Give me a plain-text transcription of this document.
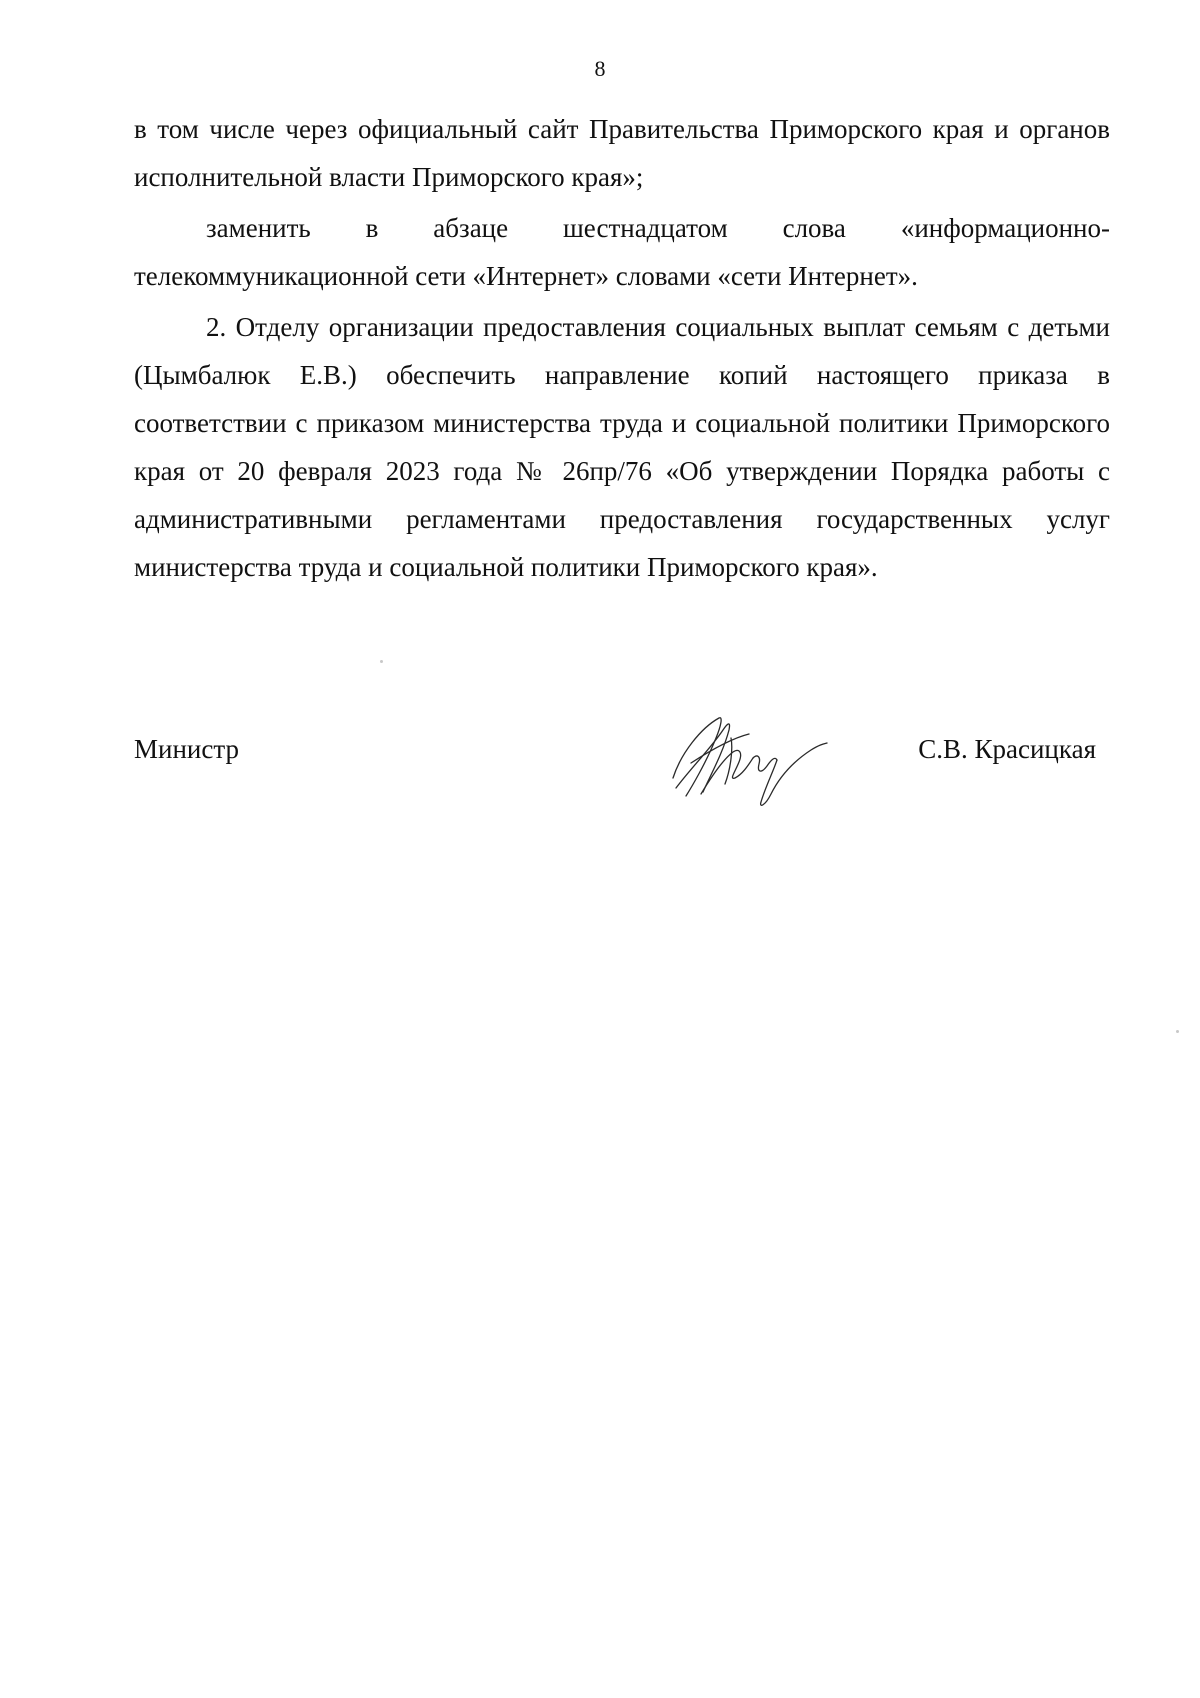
8

в том числе через официальный сайт Правительства Приморского края и органов исполнительной власти Приморского края»;

заменить в абзаце шестнадцатом слова «информационно-телекоммуникационной сети «Интернет» словами «сети Интернет».

2. Отделу организации предоставления социальных выплат семьям с детьми (Цымбалюк Е.В.) обеспечить направление копий настоящего приказа в соответствии с приказом министерства труда и социальной политики Приморского края от 20 февраля 2023 года № 26пр/76 «Об утверждении Порядка работы с административными регламентами предоставления государственных услуг министерства труда и социальной политики Приморского края».

Министр	С.В. Красицкая
